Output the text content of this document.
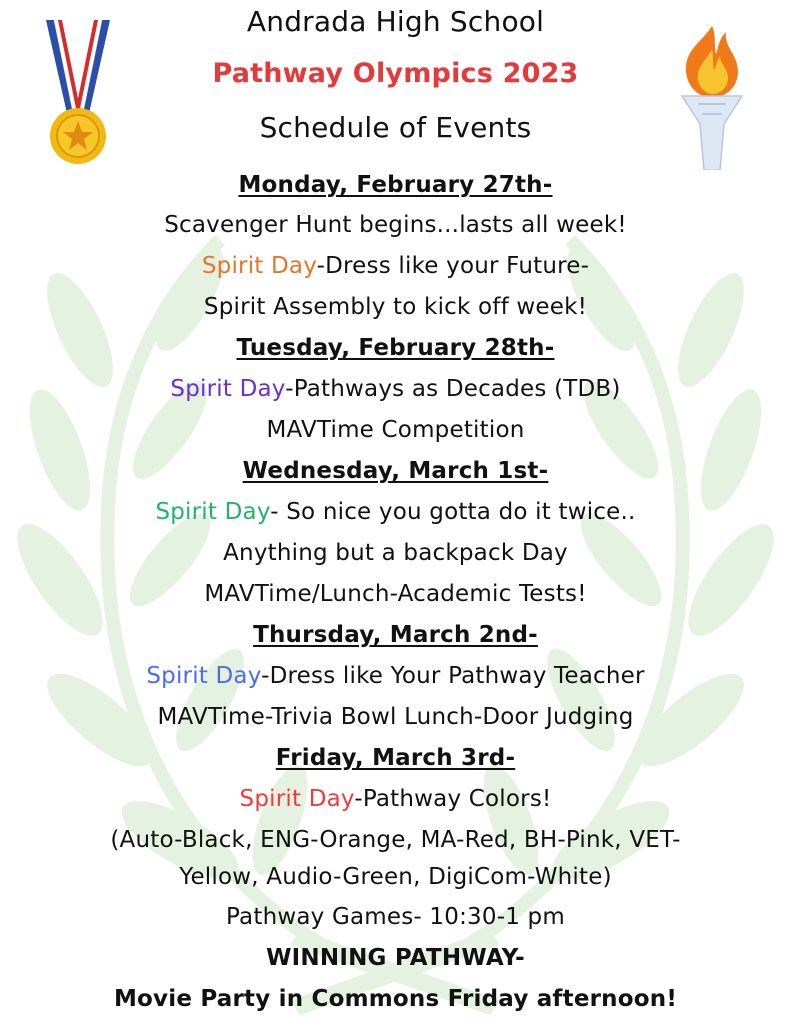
Andrada High School
Pathway Olympics 2023
Schedule of Events
Monday, February 27th-
Scavenger Hunt begins...lasts all week!
Spirit Day-Dress like your Future-
Spirit Assembly to kick off week!
Tuesday, February 28th-
Spirit Day-Pathways as Decades (TDB)
MAVTime Competition
Wednesday, March 1st-
Spirit Day- So nice you gotta do it twice..
Anything but a backpack Day
MAVTime/Lunch-Academic Tests!
Thursday, March 2nd-
Spirit Day-Dress like Your Pathway Teacher
MAVTime-Trivia Bowl Lunch-Door Judging
Friday, March 3rd-
Spirit Day-Pathway Colors!
(Auto-Black, ENG-Orange, MA-Red, BH-Pink, VET-
Yellow, Audio-Green, DigiCom-White)
Pathway Games- 10:30-1 pm
WINNING PATHWAY-
Movie Party in Commons Friday afternoon!
